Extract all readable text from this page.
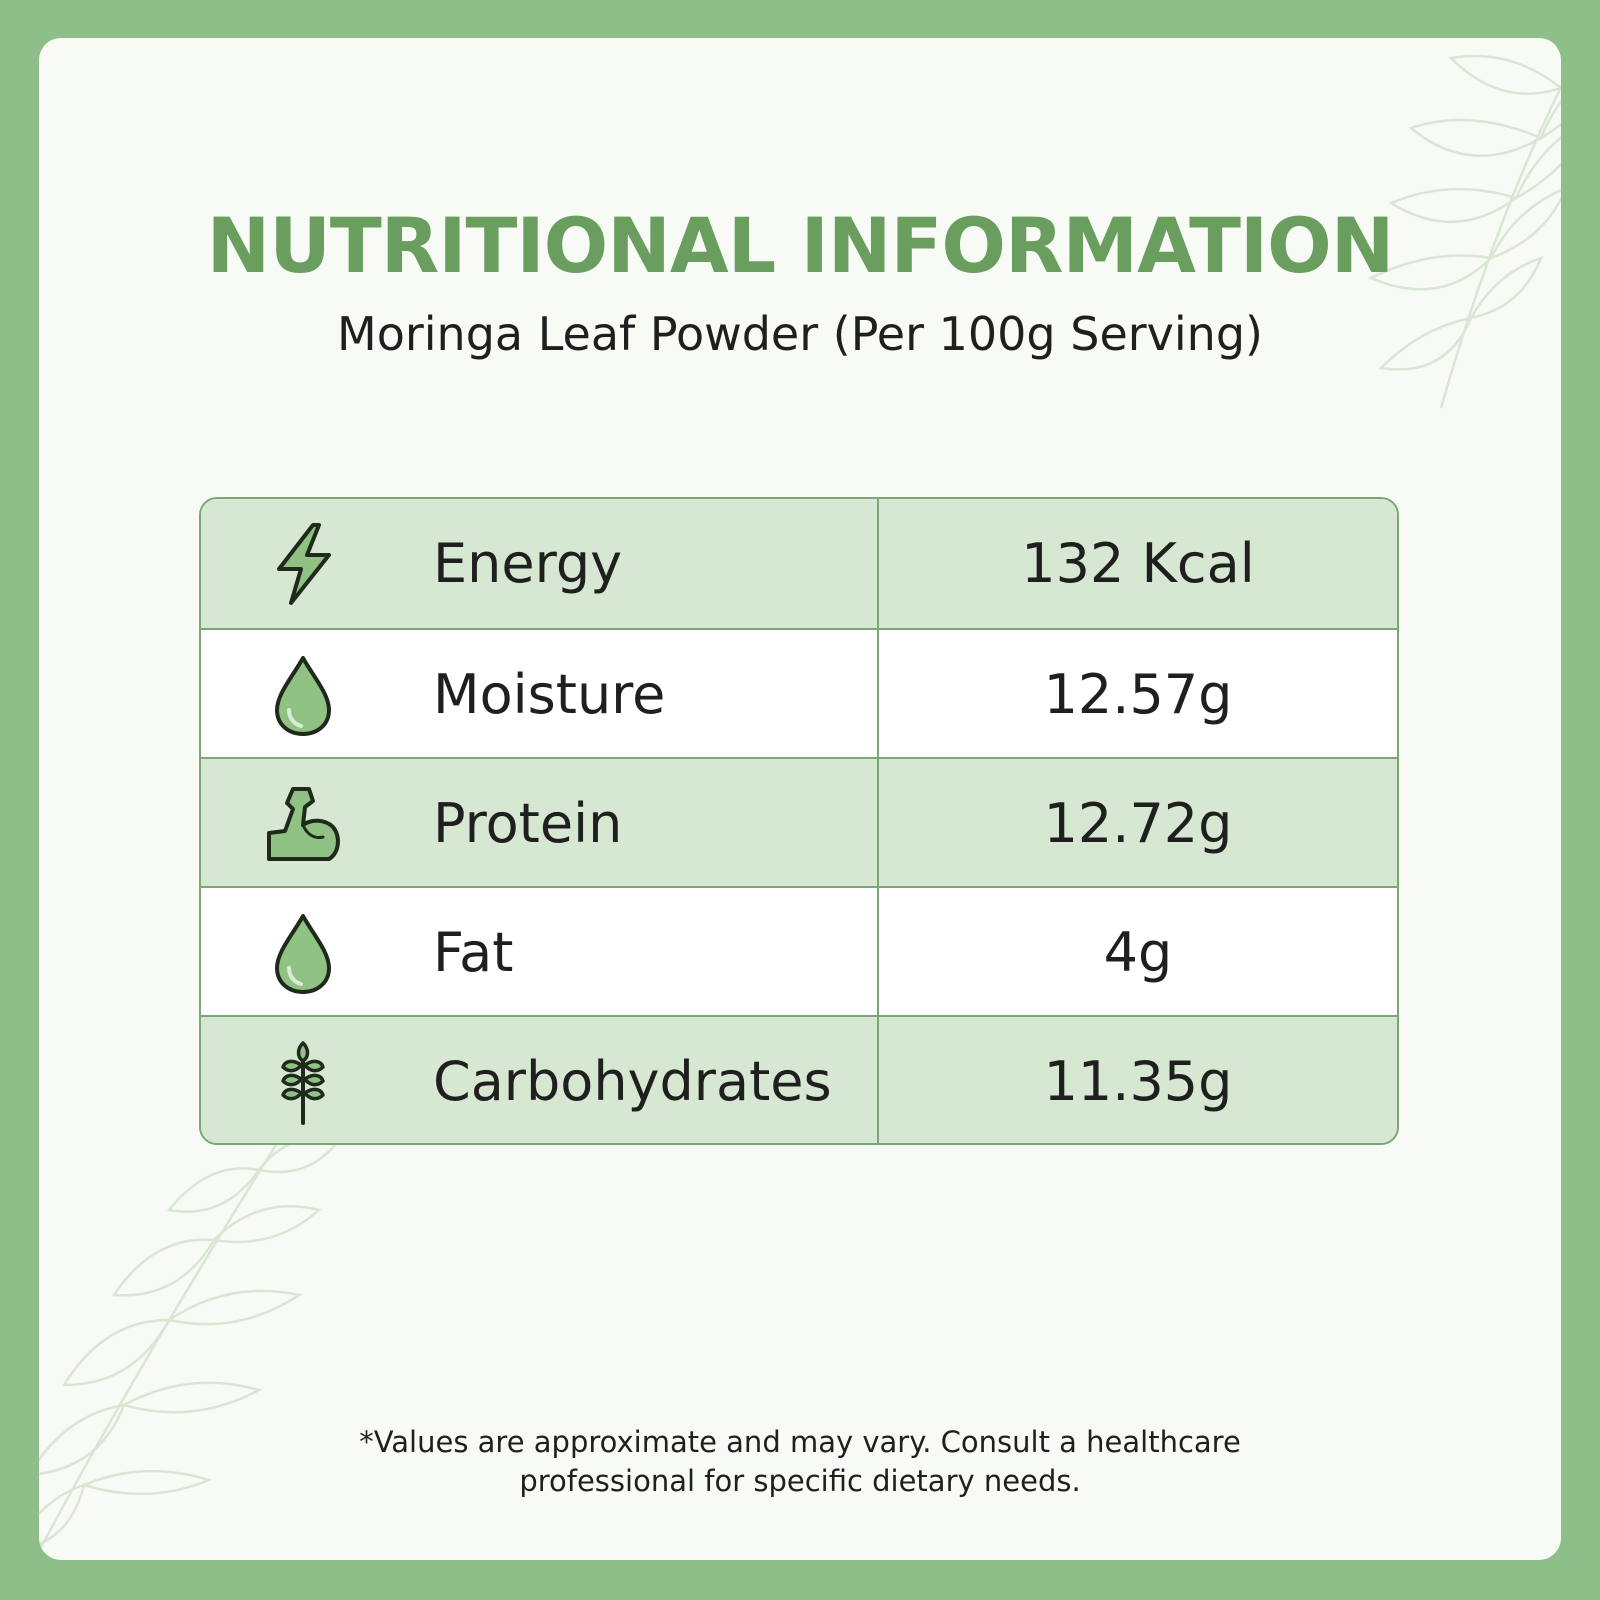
NUTRITIONAL INFORMATION
Moringa Leaf Powder (Per 100g Serving)
Energy	132 Kcal
Moisture	12.57g
Protein	12.72g
Fat	4g
Carbohydrates	11.35g
*Values are approximate and may vary. Consult a healthcare
professional for specific dietary needs.
